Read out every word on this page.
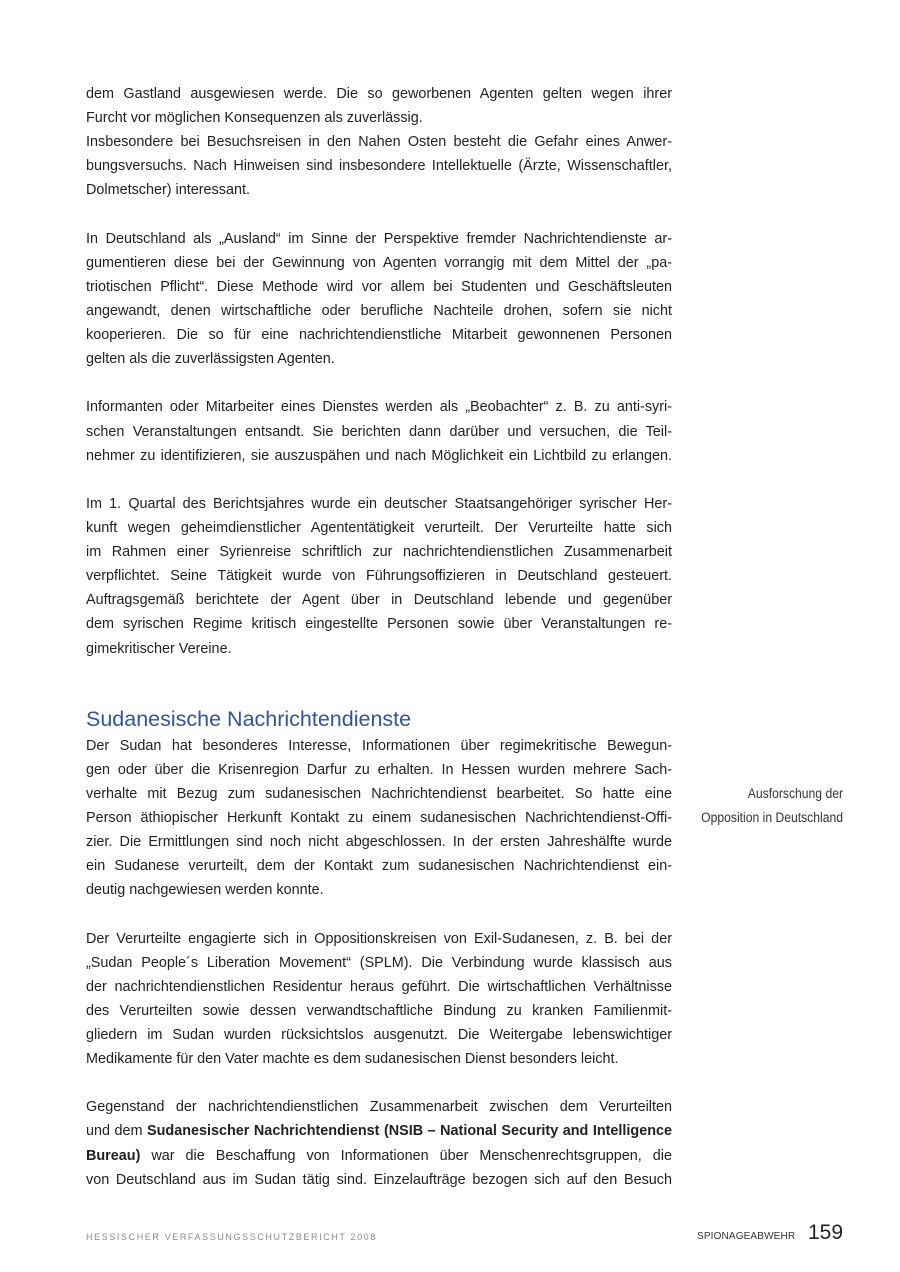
dem Gastland ausgewiesen werde. Die so geworbenen Agenten gelten wegen ihrer
Furcht vor möglichen Konsequenzen als zuverlässig.
Insbesondere bei Besuchsreisen in den Nahen Osten besteht die Gefahr eines Anwer-
bungsversuchs. Nach Hinweisen sind insbesondere Intellektuelle (Ärzte, Wissenschaftler,
Dolmetscher) interessant.
In Deutschland als „Ausland“ im Sinne der Perspektive fremder Nachrichtendienste ar-
gumentieren diese bei der Gewinnung von Agenten vorrangig mit dem Mittel der „pa-
triotischen Pflicht“. Diese Methode wird vor allem bei Studenten und Geschäftsleuten
angewandt, denen wirtschaftliche oder berufliche Nachteile drohen, sofern sie nicht
kooperieren. Die so für eine nachrichtendienstliche Mitarbeit gewonnenen Personen
gelten als die zuverlässigsten Agenten.
Informanten oder Mitarbeiter eines Dienstes werden als „Beobachter“ z. B. zu anti-syri-
schen Veranstaltungen entsandt. Sie berichten dann darüber und versuchen, die Teil-
nehmer zu identifizieren, sie auszuspähen und nach Möglichkeit ein Lichtbild zu erlangen.
Im 1. Quartal des Berichtsjahres wurde ein deutscher Staatsangehöriger syrischer Her-
kunft wegen geheimdienstlicher Agententätigkeit verurteilt. Der Verurteilte hatte sich
im Rahmen einer Syrienreise schriftlich zur nachrichtendienstlichen Zusammenarbeit
verpflichtet. Seine Tätigkeit wurde von Führungsoffizieren in Deutschland gesteuert.
Auftragsgemäß berichtete der Agent über in Deutschland lebende und gegenüber
dem syrischen Regime kritisch eingestellte Personen sowie über Veranstaltungen re-
gimekritischer Vereine.
Sudanesische Nachrichtendienste
Der Sudan hat besonderes Interesse, Informationen über regimekritische Bewegun-
gen oder über die Krisenregion Darfur zu erhalten. In Hessen wurden mehrere Sach-
verhalte mit Bezug zum sudanesischen Nachrichtendienst bearbeitet. So hatte eine
Person äthiopischer Herkunft Kontakt zu einem sudanesischen Nachrichtendienst-Offi-
zier. Die Ermittlungen sind noch nicht abgeschlossen. In der ersten Jahreshälfte wurde
ein Sudanese verurteilt, dem der Kontakt zum sudanesischen Nachrichtendienst ein-
deutig nachgewiesen werden konnte.
Der Verurteilte engagierte sich in Oppositionskreisen von Exil-Sudanesen, z. B. bei der
„Sudan People´s Liberation Movement“ (SPLM). Die Verbindung wurde klassisch aus
der nachrichtendienstlichen Residentur heraus geführt. Die wirtschaftlichen Verhältnisse
des Verurteilten sowie dessen verwandtschaftliche Bindung zu kranken Familienmit-
gliedern im Sudan wurden rücksichtslos ausgenutzt. Die Weitergabe lebenswichtiger
Medikamente für den Vater machte es dem sudanesischen Dienst besonders leicht.
Gegenstand der nachrichtendienstlichen Zusammenarbeit zwischen dem Verurteilten
und dem Sudanesischer Nachrichtendienst (NSIB – National Security and Intelligence
Bureau) war die Beschaffung von Informationen über Menschenrechtsgruppen, die
von Deutschland aus im Sudan tätig sind. Einzelaufträge bezogen sich auf den Besuch
Ausforschung der
Opposition in Deutschland
HESSISCHER VERFASSUNGSSCHUTZBERICHT 2008	SPIONAGEABWEHR 159
